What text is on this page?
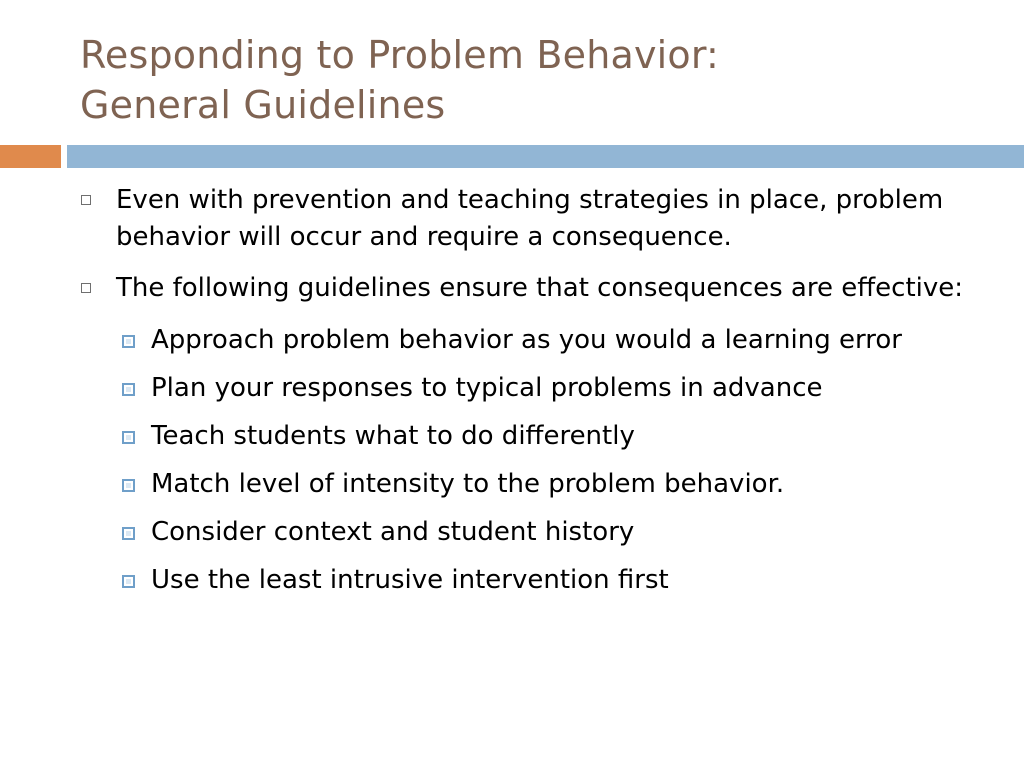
Responding to Problem Behavior:
General Guidelines
Even with prevention and teaching strategies in place, problem behavior will occur and require a consequence.
The following guidelines ensure that consequences are effective:
Approach problem behavior as you would a learning error
Plan your responses to typical problems in advance
Teach students what to do differently
Match level of intensity to the problem behavior.
Consider context and student history
Use the least intrusive intervention first
